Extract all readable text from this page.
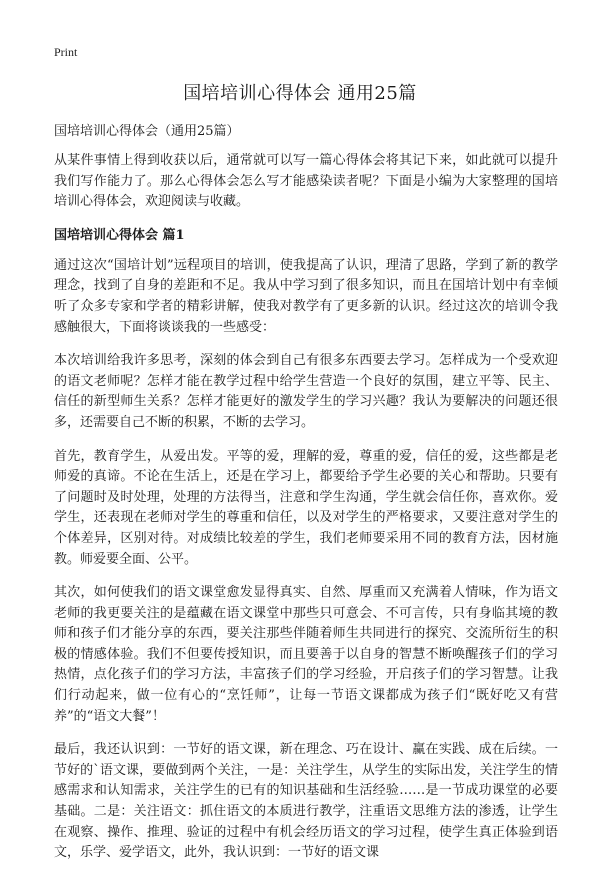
Print
国培培训心得体会 通用25篇
国培培训心得体会（通用25篇）

从某件事情上得到收获以后，通常就可以写一篇心得体会将其记下来，如此就可以提升我们写作能力了。那么心得体会怎么写才能感染读者呢？下面是小编为大家整理的国培培训心得体会，欢迎阅读与收藏。

国培培训心得体会 篇1

通过这次“国培计划”远程项目的培训，使我提高了认识，理清了思路，学到了新的教学理念，找到了自身的差距和不足。我从中学习到了很多知识，而且在国培计划中有幸倾听了众多专家和学者的精彩讲解，使我对教学有了更多新的认识。经过这次的培训令我感触很大，下面将谈谈我的一些感受：

本次培训给我许多思考，深刻的体会到自己有很多东西要去学习。怎样成为一个受欢迎的语文老师呢？怎样才能在教学过程中给学生营造一个良好的氛围，建立平等、民主、信任的新型师生关系？怎样才能更好的激发学生的学习兴趣？我认为要解决的问题还很多，还需要自己不断的积累，不断的去学习。

首先，教育学生，从爱出发。平等的爱，理解的爱，尊重的爱，信任的爱，这些都是老师爱的真谛。不论在生活上，还是在学习上，都要给予学生必要的关心和帮助。只要有了问题时及时处理，处理的方法得当，注意和学生沟通，学生就会信任你，喜欢你。爱学生，还表现在老师对学生的尊重和信任，以及对学生的严格要求，又要注意对学生的个体差异，区别对待。对成绩比较差的学生，我们老师要采用不同的教育方法，因材施教。师爱要全面、公平。

其次，如何使我们的语文课堂愈发显得真实、自然、厚重而又充满着人情味，作为语文老师的我更要关注的是蕴藏在语文课堂中那些只可意会、不可言传，只有身临其境的教师和孩子们才能分享的东西，要关注那些伴随着师生共同进行的探究、交流所衍生的积极的情感体验。我们不但要传授知识，而且要善于以自身的智慧不断唤醒孩子们的学习热情，点化孩子们的学习方法，丰富孩子们的学习经验，开启孩子们的学习智慧。让我们行动起来，做一位有心的“烹饪师”，让每一节语文课都成为孩子们“既好吃又有营养”的“语文大餐”！

最后，我还认识到：一节好的语文课，新在理念、巧在设计、赢在实践、成在后续。一节好的`语文课，要做到两个关注，一是：关注学生，从学生的实际出发，关注学生的情感需求和认知需求，关注学生的已有的知识基础和生活经验……是一节成功课堂的必要基础。二是：关注语文：抓住语文的本质进行教学，注重语文思维方法的渗透，让学生在观察、操作、推理、验证的过程中有机会经历语文的学习过程，使学生真正体验到语文，乐学、爱学语文，此外，我认识到：一节好的语文课
